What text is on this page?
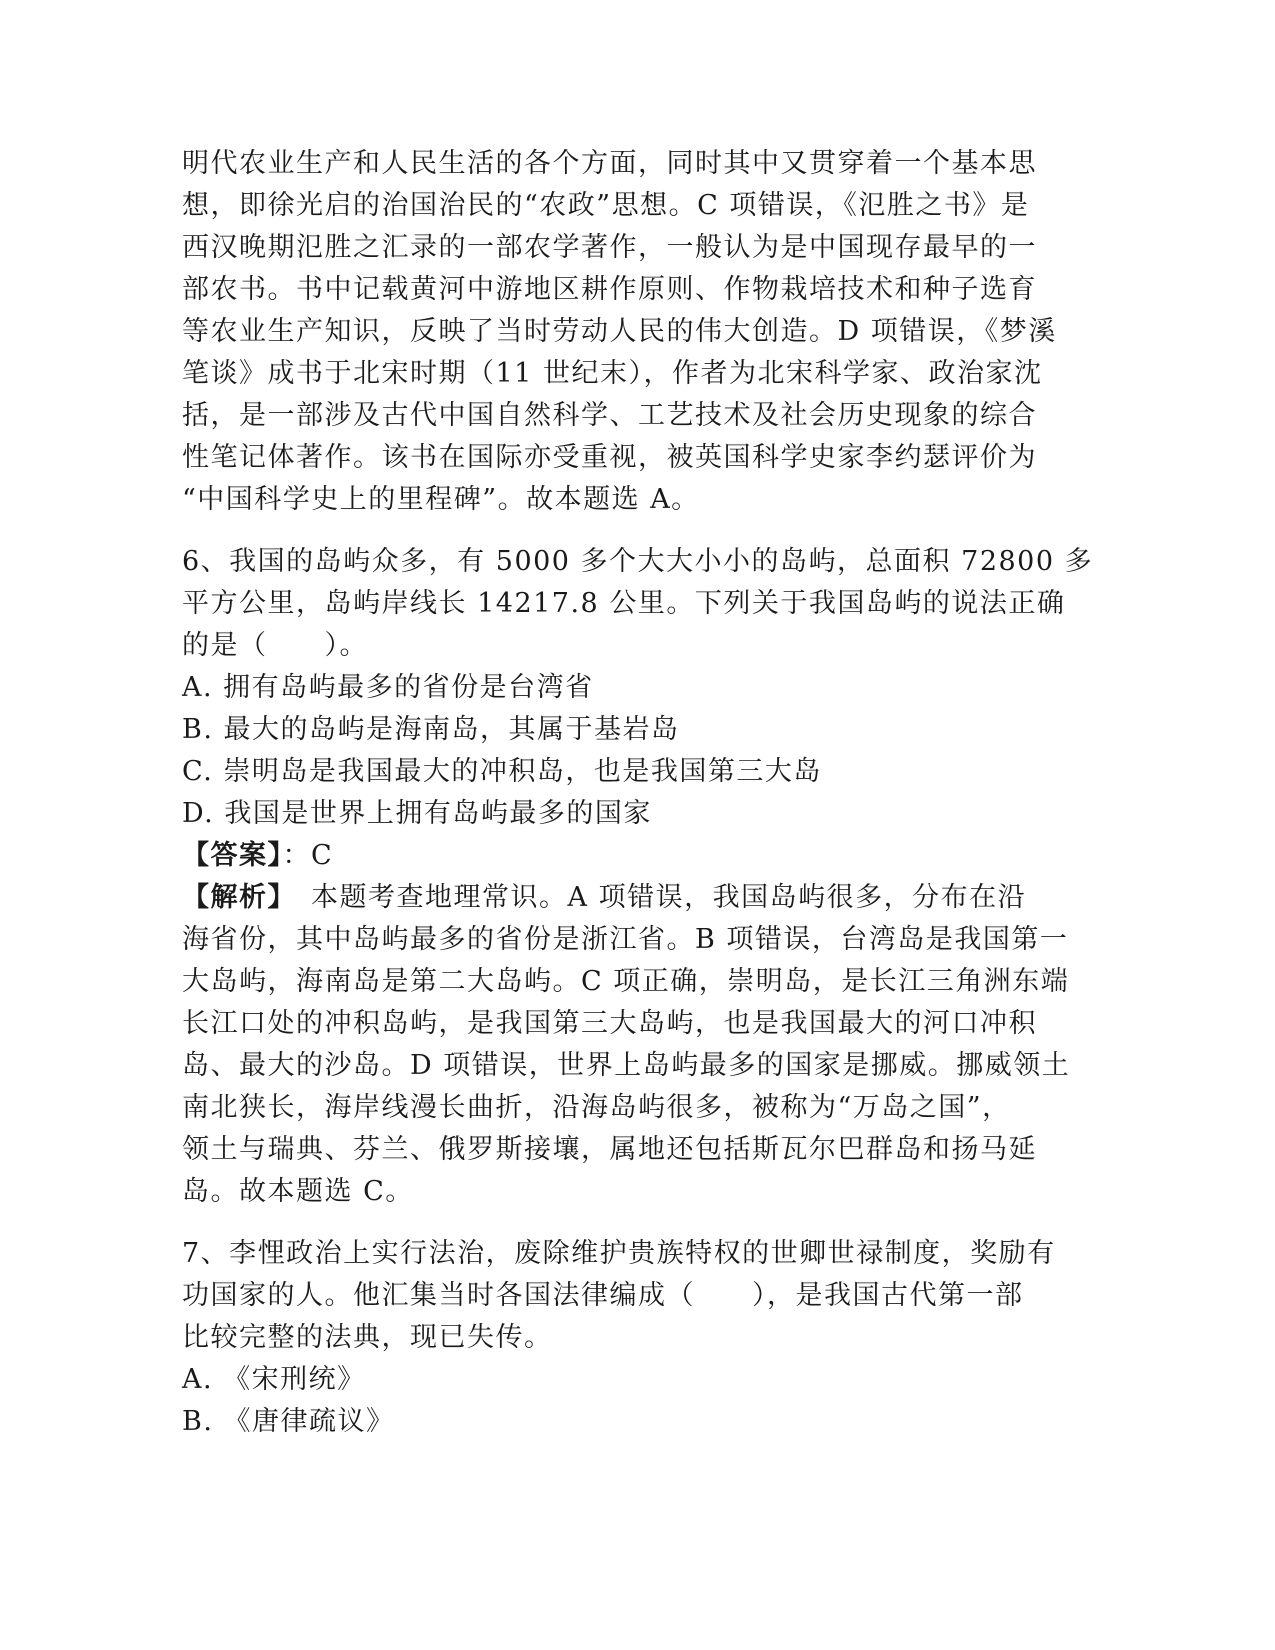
明代农业生产和人民生活的各个方面，同时其中又贯穿着一个基本思
想，即徐光启的治国治民的“农政”思想。C 项错误，《氾胜之书》是
西汉晚期氾胜之汇录的一部农学著作，一般认为是中国现存最早的一
部农书。书中记载黄河中游地区耕作原则、作物栽培技术和种子选育
等农业生产知识，反映了当时劳动人民的伟大创造。D 项错误，《梦溪
笔谈》成书于北宋时期（11 世纪末），作者为北宋科学家、政治家沈
括，是一部涉及古代中国自然科学、工艺技术及社会历史现象的综合
性笔记体著作。该书在国际亦受重视，被英国科学史家李约瑟评价为
“中国科学史上的里程碑”。故本题选 A。
6、我国的岛屿众多，有 5000 多个大大小小的岛屿，总面积 72800 多
平方公里，岛屿岸线长 14217.8 公里。下列关于我国岛屿的说法正确
的是（　　）。
A. 拥有岛屿最多的省份是台湾省
B. 最大的岛屿是海南岛，其属于基岩岛
C. 崇明岛是我国最大的冲积岛，也是我国第三大岛
D. 我国是世界上拥有岛屿最多的国家
【答案】：C
【解析】　本题考查地理常识。A 项错误，我国岛屿很多，分布在沿
海省份，其中岛屿最多的省份是浙江省。B 项错误，台湾岛是我国第一
大岛屿，海南岛是第二大岛屿。C 项正确，崇明岛，是长江三角洲东端
长江口处的冲积岛屿，是我国第三大岛屿，也是我国最大的河口冲积
岛、最大的沙岛。D 项错误，世界上岛屿最多的国家是挪威。挪威领土
南北狭长，海岸线漫长曲折，沿海岛屿很多，被称为“万岛之国”，
领土与瑞典、芬兰、俄罗斯接壤，属地还包括斯瓦尔巴群岛和扬马延
岛。故本题选 C。
7、李悝政治上实行法治，废除维护贵族特权的世卿世禄制度，奖励有
功国家的人。他汇集当时各国法律编成（　　），是我国古代第一部
比较完整的法典，现已失传。
A. 《宋刑统》
B. 《唐律疏议》
